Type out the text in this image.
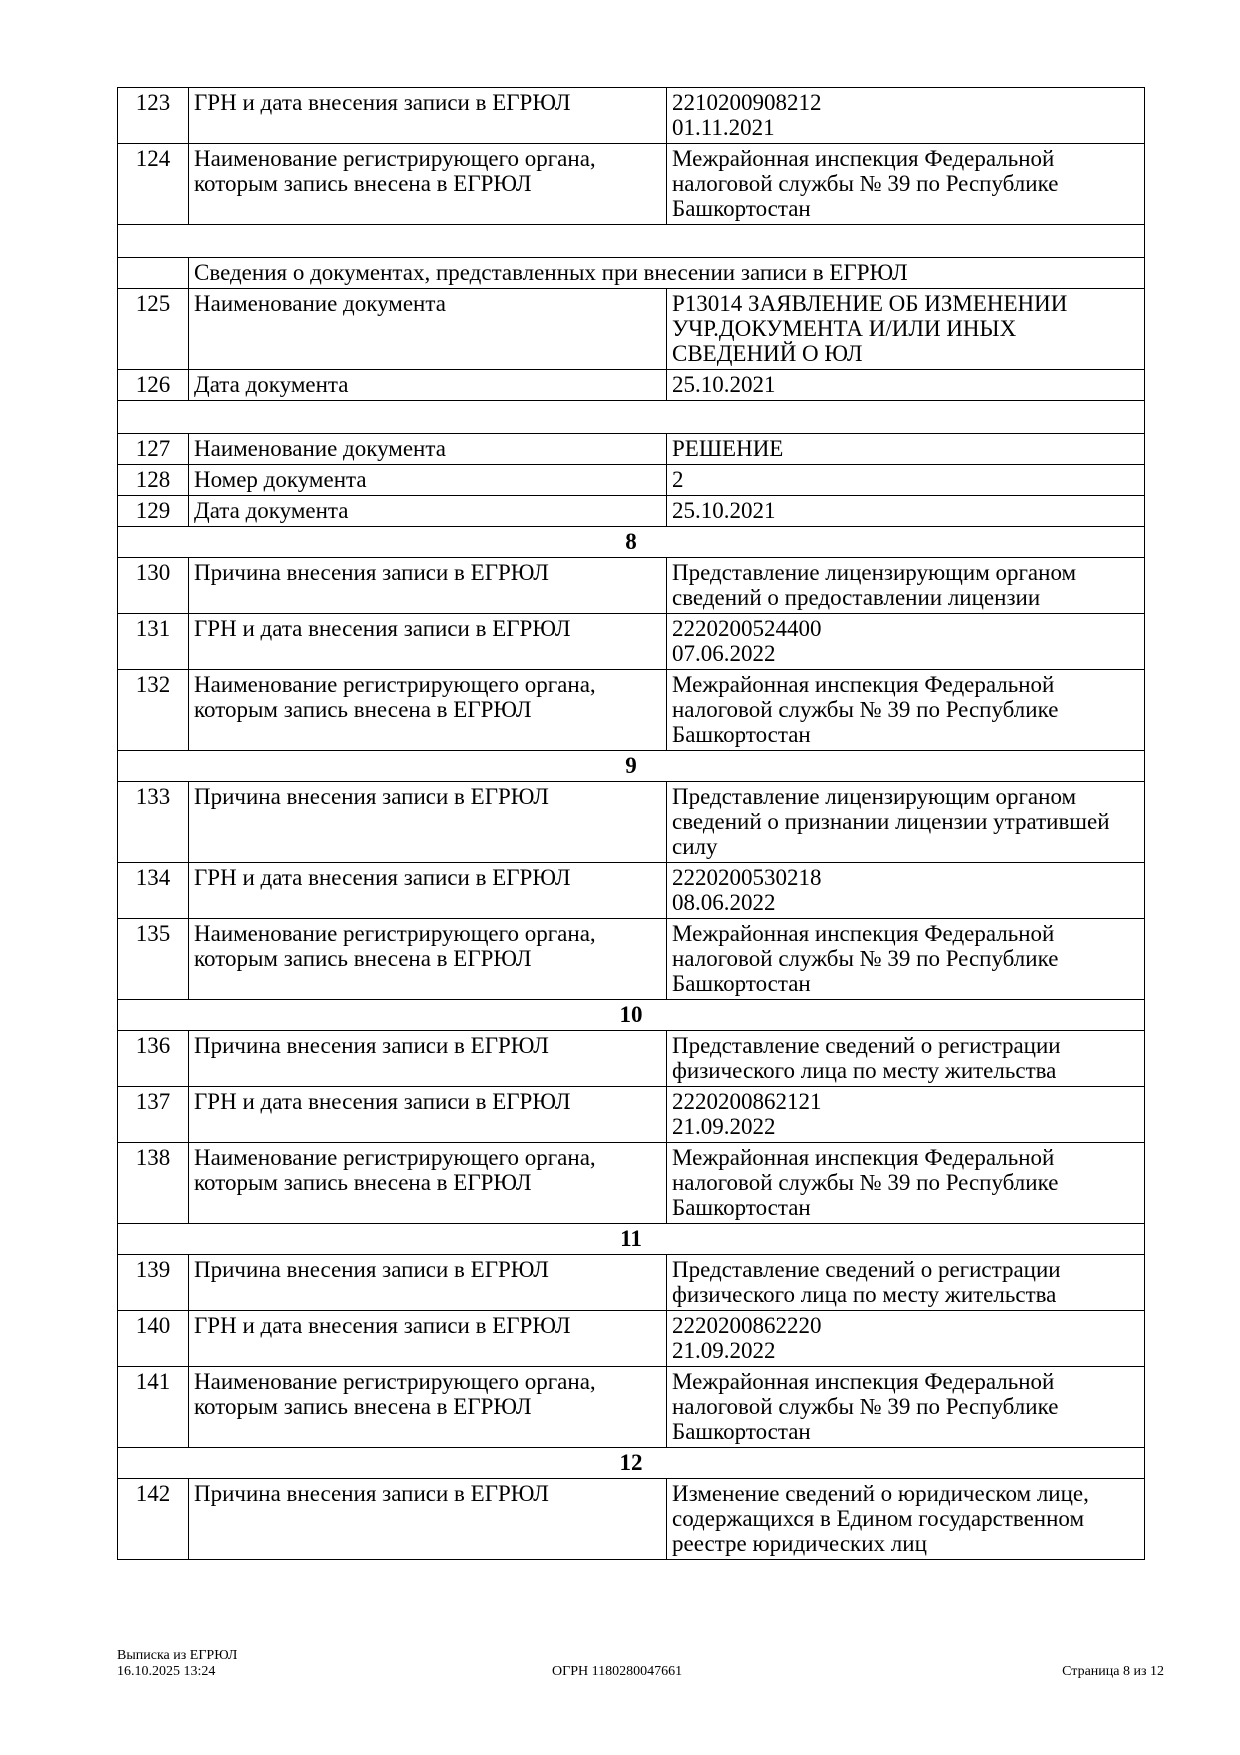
123	ГРН и дата внесения записи в ЕГРЮЛ	2210200908212
01.11.2021
124	Наименование регистрирующего органа, которым запись внесена в ЕГРЮЛ	Межрайонная инспекция Федеральной налоговой службы № 39 по Республике Башкортостан

	Сведения о документах, представленных при внесении записи в ЕГРЮЛ	
125	Наименование документа	Р13014 ЗАЯВЛЕНИЕ ОБ ИЗМЕНЕНИИ УЧР.ДОКУМЕНТА И/ИЛИ ИНЫХ СВЕДЕНИЙ О ЮЛ
126	Дата документа	25.10.2021

127	Наименование документа	РЕШЕНИЕ
128	Номер документа	2
129	Дата документа	25.10.2021
8		
130	Причина внесения записи в ЕГРЮЛ	Представление лицензирующим органом сведений о предоставлении лицензии
131	ГРН и дата внесения записи в ЕГРЮЛ	2220200524400
07.06.2022
132	Наименование регистрирующего органа, которым запись внесена в ЕГРЮЛ	Межрайонная инспекция Федеральной налоговой службы № 39 по Республике Башкортостан
9		
133	Причина внесения записи в ЕГРЮЛ	Представление лицензирующим органом сведений о признании лицензии утратившей силу
134	ГРН и дата внесения записи в ЕГРЮЛ	2220200530218
08.06.2022
135	Наименование регистрирующего органа, которым запись внесена в ЕГРЮЛ	Межрайонная инспекция Федеральной налоговой службы № 39 по Республике Башкортостан
10		
136	Причина внесения записи в ЕГРЮЛ	Представление сведений о регистрации физического лица по месту жительства
137	ГРН и дата внесения записи в ЕГРЮЛ	2220200862121
21.09.2022
138	Наименование регистрирующего органа, которым запись внесена в ЕГРЮЛ	Межрайонная инспекция Федеральной налоговой службы № 39 по Республике Башкортостан
11		
139	Причина внесения записи в ЕГРЮЛ	Представление сведений о регистрации физического лица по месту жительства
140	ГРН и дата внесения записи в ЕГРЮЛ	2220200862220
21.09.2022
141	Наименование регистрирующего органа, которым запись внесена в ЕГРЮЛ	Межрайонная инспекция Федеральной налоговой службы № 39 по Республике Башкортостан
12		
142	Причина внесения записи в ЕГРЮЛ	Изменение сведений о юридическом лице, содержащихся в Едином государственном реестре юридических лиц
Выписка из ЕГРЮЛ
16.10.2025 13:24	ОГРН 1180280047661	Страница 8 из 12
